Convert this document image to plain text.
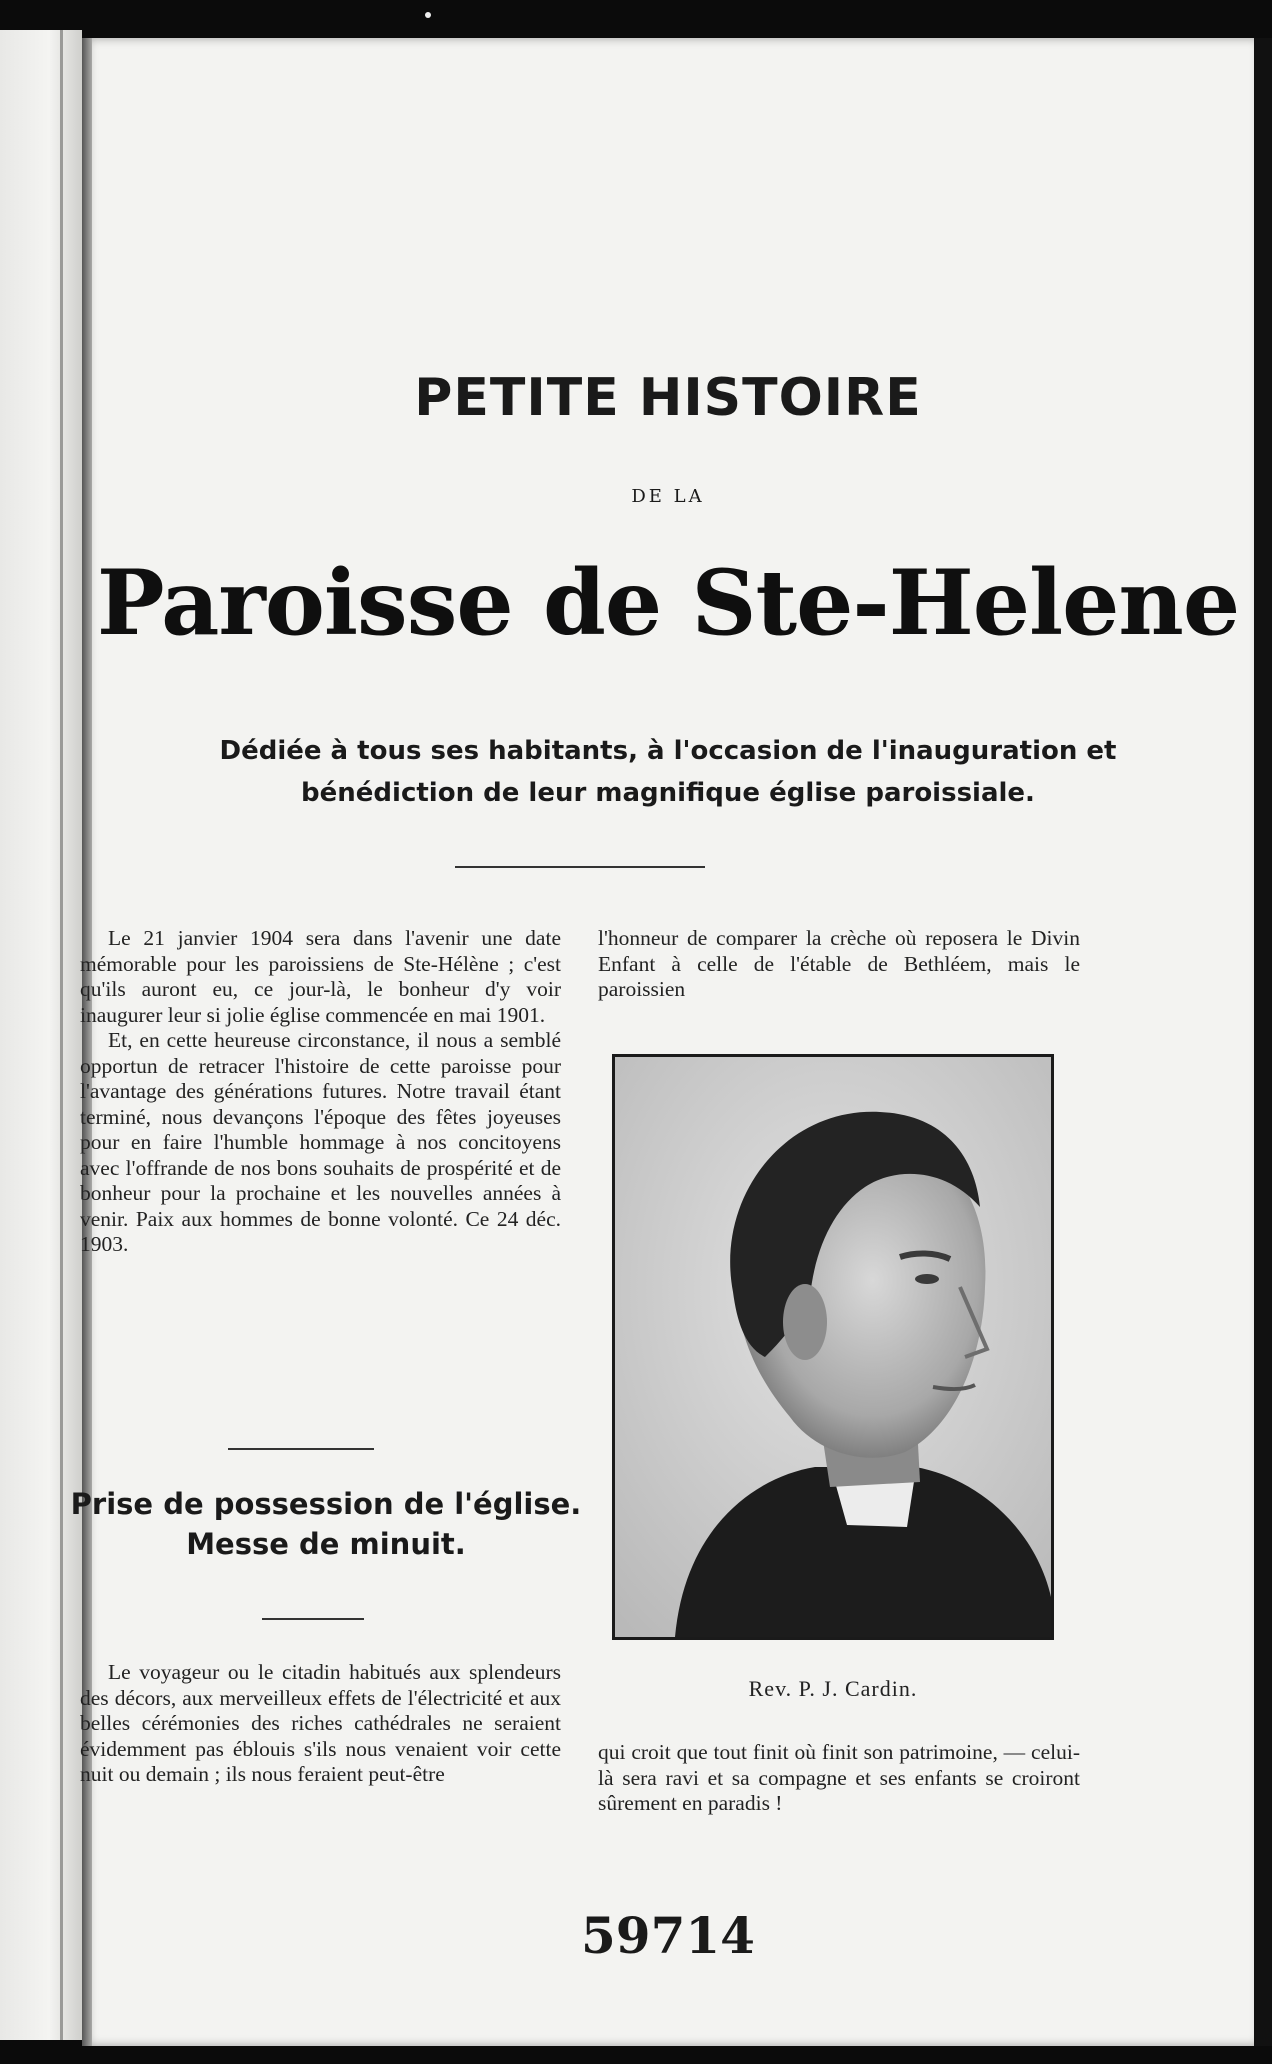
PETITE HISTOIRE
DE LA
Paroisse de Ste-Helene
Dédiée à tous ses habitants, à l'occasion de l'inauguration et
bénédiction de leur magnifique église paroissiale.
Le 21 janvier 1904 sera dans l'avenir une date mémorable pour les paroissiens de Ste-Hélène ; c'est qu'ils auront eu, ce jour-là, le bonheur d'y voir inaugurer leur si jolie église commencée en mai 1901.
Et, en cette heureuse circonstance, il nous a semblé opportun de retracer l'histoire de cette paroisse pour l'avantage des générations futures. Notre travail étant terminé, nous devançons l'époque des fêtes joyeuses pour en faire l'humble hommage à nos concitoyens avec l'offrande de nos bons souhaits de prospérité et de bonheur pour la prochaine et les nouvelles années à venir. Paix aux hommes de bonne volonté. Ce 24 déc. 1903.
Prise de possession de l'église.
Messe de minuit.
Le voyageur ou le citadin habitués aux splendeurs des décors, aux merveilleux effets de l'électricité et aux belles cérémonies des riches cathédrales ne seraient évidemment pas éblouis s'ils nous venaient voir cette nuit ou demain ; ils nous feraient peut-être
l'honneur de comparer la crèche où reposera le Divin Enfant à celle de l'étable de Bethléem, mais le paroissien
Rev. P. J. Cardin.
qui croit que tout finit où finit son patrimoine, — celui-là sera ravi et sa compagne et ses enfants se croiront sûrement en paradis !
59714
